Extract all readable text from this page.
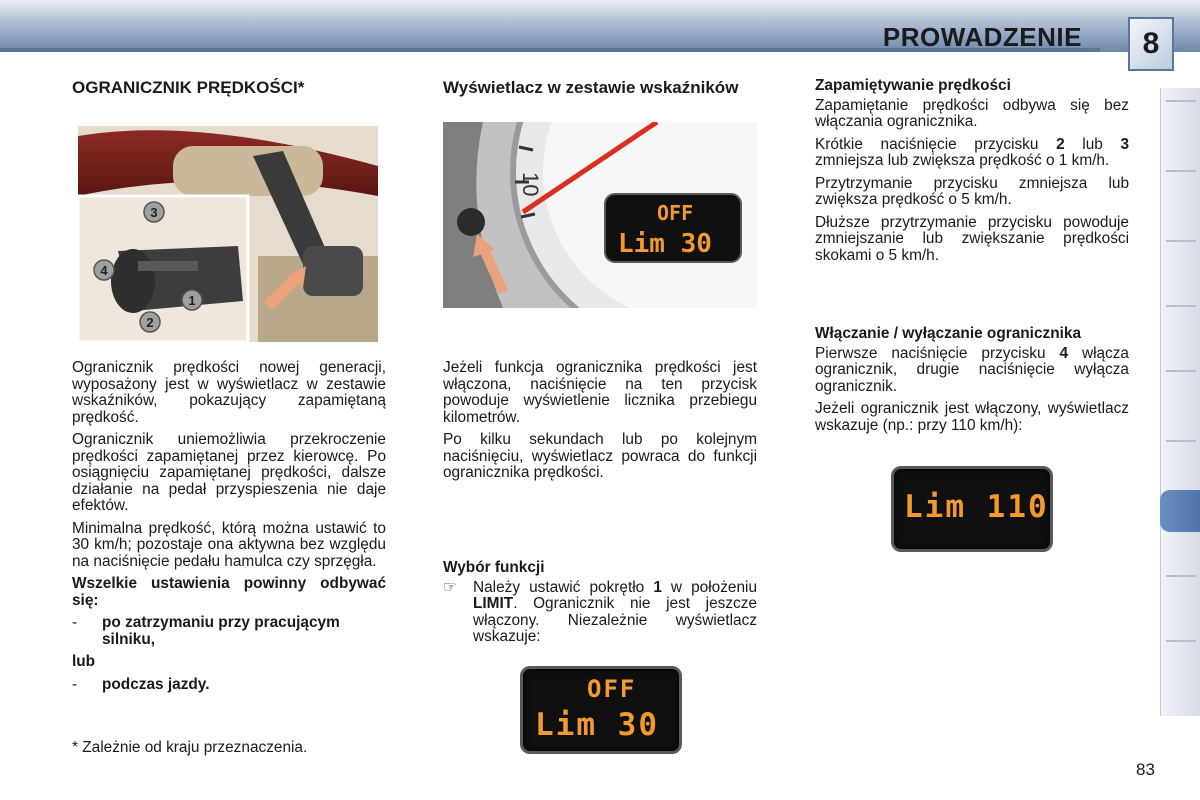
PROWADZENIE 8
OGRANICZNIK PRĘDKOŚCI*
3
4
1
2

Ogranicznik prędkości nowej generacji, wyposażony jest w wyświetlacz w zestawie wskaźników, pokazujący zapamiętaną prędkość.

Ogranicznik uniemożliwia przekroczenie prędkości zapamiętanej przez kierowcę. Po osiągnięciu zapamiętanej prędkości, dalsze działanie na pedał przyspieszenia nie daje efektów.

Minimalna prędkość, którą można ustawić to 30 km/h; pozostaje ona aktywna bez względu na naciśnięcie pedału hamulca czy sprzęgła.

Wszelkie ustawienia powinny odbywać się:

-	po zatrzymaniu przy pracującym silniku,

lub

-	podczas jazdy.
* Zależnie od kraju przeznaczenia.
Wyświetlacz w zestawie wskaźników
10
OFF
Lim 30

Jeżeli funkcja ogranicznika prędkości jest włączona, naciśnięcie na ten przycisk powoduje wyświetlenie licznika przebiegu kilometrów.

Po kilku sekundach lub po kolejnym naciśnięciu, wyświetlacz powraca do funkcji ogranicznika prędkości.

Wybór funkcji
☞	Należy ustawić pokrętło 1 w położeniu LIMIT. Ogranicznik nie jest jeszcze włączony. Niezależnie wyświetlacz wskazuje:
OFF
Lim 30
Zapamiętywanie prędkości

Zapamiętanie prędkości odbywa się bez włączania ogranicznika.

Krótkie naciśnięcie przycisku 2 lub 3 zmniejsza lub zwiększa prędkość o 1 km/h.

Przytrzymanie przycisku zmniejsza lub zwiększa prędkość o 5 km/h.

Dłuższe przytrzymanie przycisku powoduje zmniejszanie lub zwiększanie prędkości skokami o 5 km/h.

Włączanie / wyłączanie ogranicznika

Pierwsze naciśnięcie przycisku 4 włącza ogranicznik, drugie naciśnięcie wyłącza ogranicznik.

Jeżeli ogranicznik jest włączony, wyświetlacz wskazuje (np.: przy 110 km/h):

Lim 110
83
